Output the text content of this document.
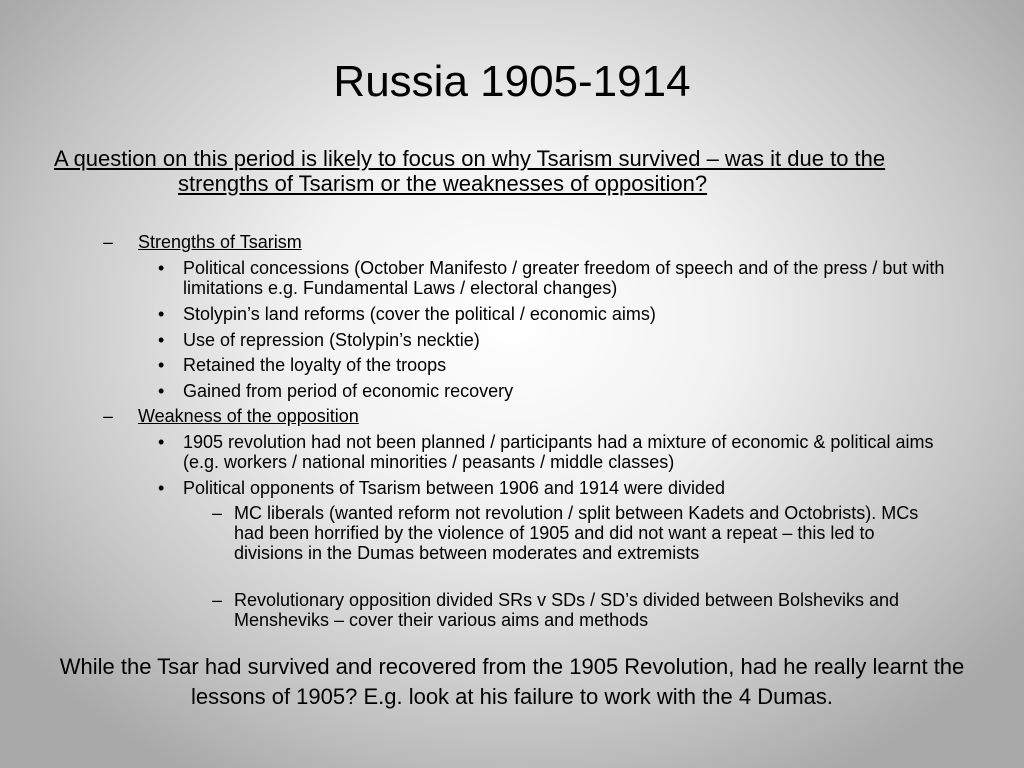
Russia 1905-1914
A question on this period is likely to focus on why Tsarism survived – was it due to the strengths of Tsarism or the weaknesses of opposition?
– Strengths of Tsarism
• Political concessions (October Manifesto / greater freedom of speech and of the press / but with limitations e.g. Fundamental Laws / electoral changes)
• Stolypin’s land reforms (cover the political / economic aims)
• Use of repression (Stolypin’s necktie)
• Retained the loyalty of the troops
• Gained from period of economic recovery
– Weakness of the opposition
• 1905 revolution had not been planned / participants had a mixture of economic & political aims (e.g. workers / national minorities / peasants / middle classes)
• Political opponents of Tsarism between 1906 and 1914 were divided
– MC liberals (wanted reform not revolution / split between Kadets and Octobrists). MCs had been horrified by the violence of 1905 and did not want a repeat – this led to divisions in the Dumas between moderates and extremists
– Revolutionary opposition divided SRs v SDs / SD’s divided between Bolsheviks and Mensheviks – cover their various aims and methods
While the Tsar had survived and recovered from the 1905 Revolution, had he really learnt the lessons of 1905? E.g. look at his failure to work with the 4 Dumas.
